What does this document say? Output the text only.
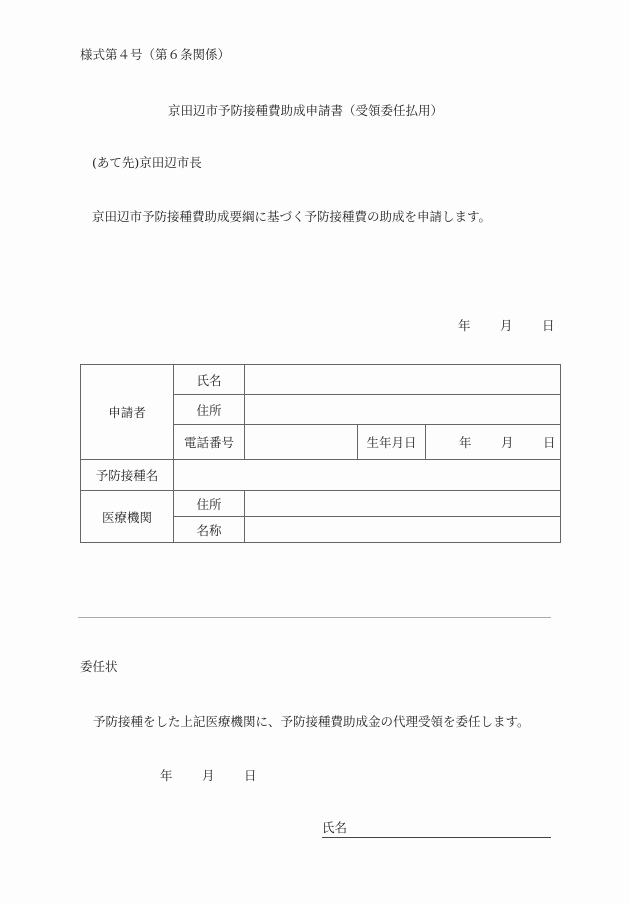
様式第４号（第６条関係）
京田辺市予防接種費助成申請書（受領委任払用）
(あて先)京田辺市長
京田辺市予防接種費助成要綱に基づく予防接種費の助成を申請します。
年	月	日
申請者	氏名			
	住所			
	電話番号		生年月日	年 月 日
予防接種名				
医療機関	住所			
	名称			
委任状
予防接種をした上記医療機関に、予防接種費助成金の代理受領を委任します。
年	月	日
氏名
